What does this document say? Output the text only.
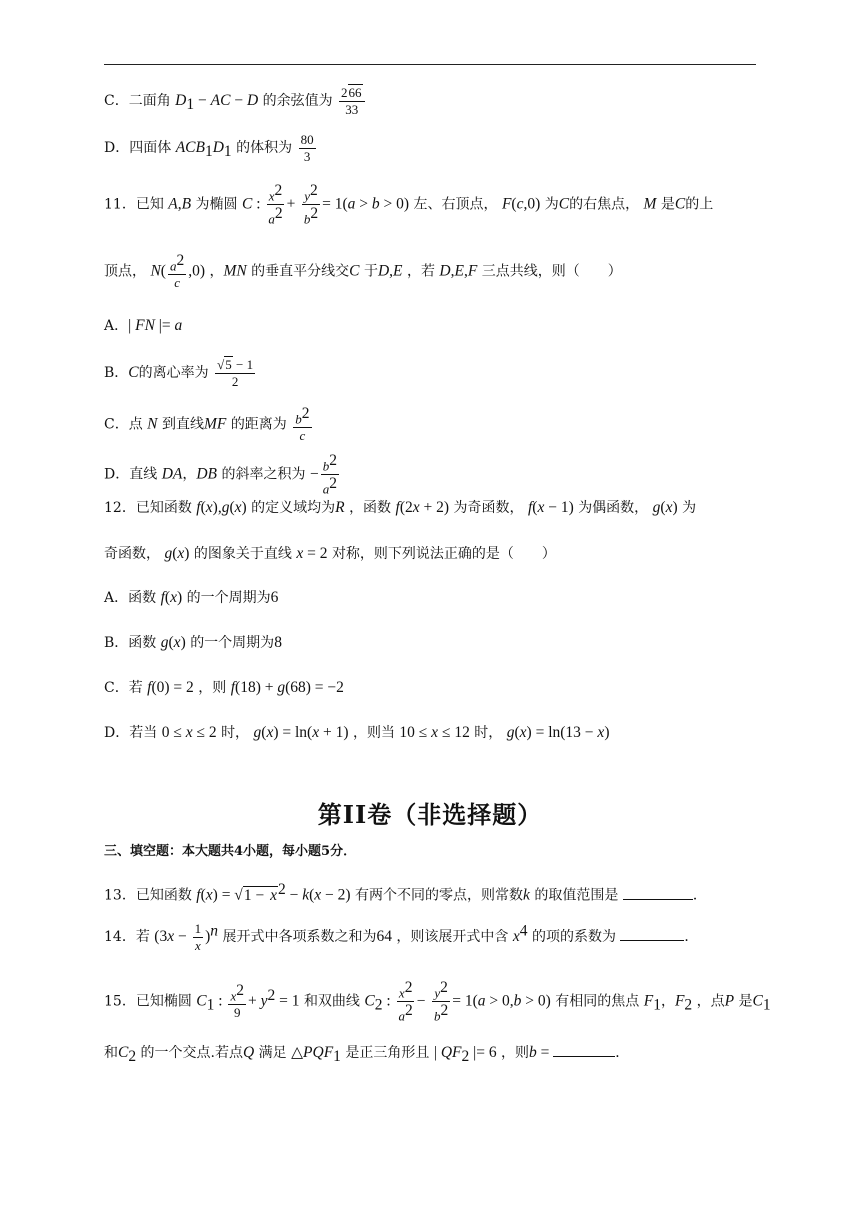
C．二面角 $D_1$ − AC − D 的余弦值为 $\frac{266}{33}$
D．四面体 $ACB_1D_1$ 的体积为 $\frac{80}{3}$
11．已知 A,B 为椭圆 C : $\frac{x^2}{a^2} + \frac{y^2}{b^2} = 1(a > b > 0)$ 左、右顶点， F(c,0) 为C的右焦点， M 是C的上
顶点， $N( \frac{a^2}{c} ,0)$ ，MN 的垂直平分线交C 于D,E ，若 D,E,F 三点共线，则（　　）
A．| FN |= a
B．C的离心率为 $\frac{√5 - 1}{2}$
C．点 N 到直线MF 的距离为 $\frac{b^2}{c}$
D．直线 DA，DB 的斜率之积为 − $\frac{b^2}{a^2}$
12．已知函数 f(x),g(x) 的定义域均为R ，函数 f(2x + 2) 为奇函数， f(x − 1) 为偶函数， g(x) 为
奇函数， g(x) 的图象关于直线 x = 2 对称，则下列说法正确的是（　　）
A．函数 f(x) 的一个周期为6
B．函数 g(x) 的一个周期为8
C．若 f(0) = 2 ，则 f(18) + g(68) = −2
D．若当 0 ≤ x ≤ 2 时， g(x) = ln(x + 1) ，则当 10 ≤ x ≤ 12 时， g(x) = ln(13 − x)
第II卷（非选择题）
三、填空题：本大题共4小题，每小题5分．
13．已知函数 $f(x) = √1 - x^2 - k(x - 2)$ 有两个不同的零点，则常数k 的取值范围是	．
14．若 $(3x - \frac{1}{x} )^n$ 展开式中各项系数之和为64 ，则该展开式中含 $x^4$ 的项的系数为	．
15．已知椭圆 $C_1$ : $\frac{x^2}{9} + y^2 = 1$ 和双曲线 $C_2$ : $\frac{x^2}{a^2} - \frac{y^2}{b^2} = 1(a > 0,b > 0)$ 有相同的焦点 $F_1$，$F_2$ ，点P 是$C_1$
和$C_2$ 的一个交点.若点Q 满足 $\triangle PQF_1$ 是正三角形且 | $QF_2$ |= 6 ，则b =	．
